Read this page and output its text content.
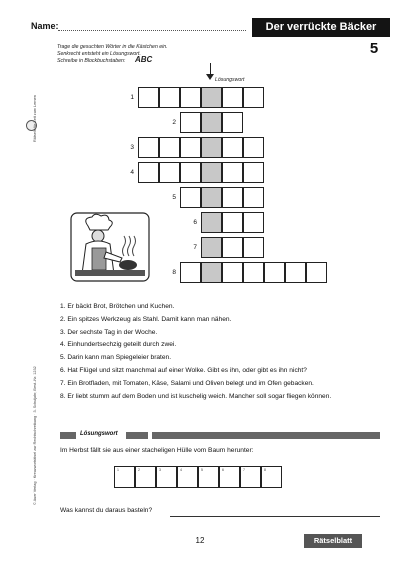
Name:	Der verrückte Bäcker
5
Trage die gesuchten Wörter in die Kästchen ein.
Senkrecht entsteht ein Lösungswort.
Schreibe in Blockbuchstaben: ABC
Lösungswort
Rätseln für Zeit zum Lernen
© Auer Verlag · Kreuzworträtsel zur Rechtschreibung · 3. Schuljahr, Best.-Nr. 1232
1
2
3
4
5
6
7
8
1. Er bäckt Brot, Brötchen und Kuchen.
2. Ein spitzes Werkzeug als Stahl. Damit kann man nähen.
3. Der sechste Tag in der Woche.
4. Einhundertsechzig geteilt durch zwei.
5. Darin kann man Spiegeleier braten.
6. Hat Flügel und sitzt manchmal auf einer Wolke. Gibt es ihn, oder gibt es ihn nicht?
7. Ein Brotfladen, mit Tomaten, Käse, Salami und Oliven belegt und im Ofen gebacken.
8. Er liebt stumm auf dem Boden und ist kuschelig weich. Mancher soll sogar fliegen können.
Lösungswort
Im Herbst fällt sie aus einer stacheligen Hülle vom Baum herunter:
1	2	3	4	5	6	7	8
Was kannst du daraus basteln?
12	Rätselblatt
